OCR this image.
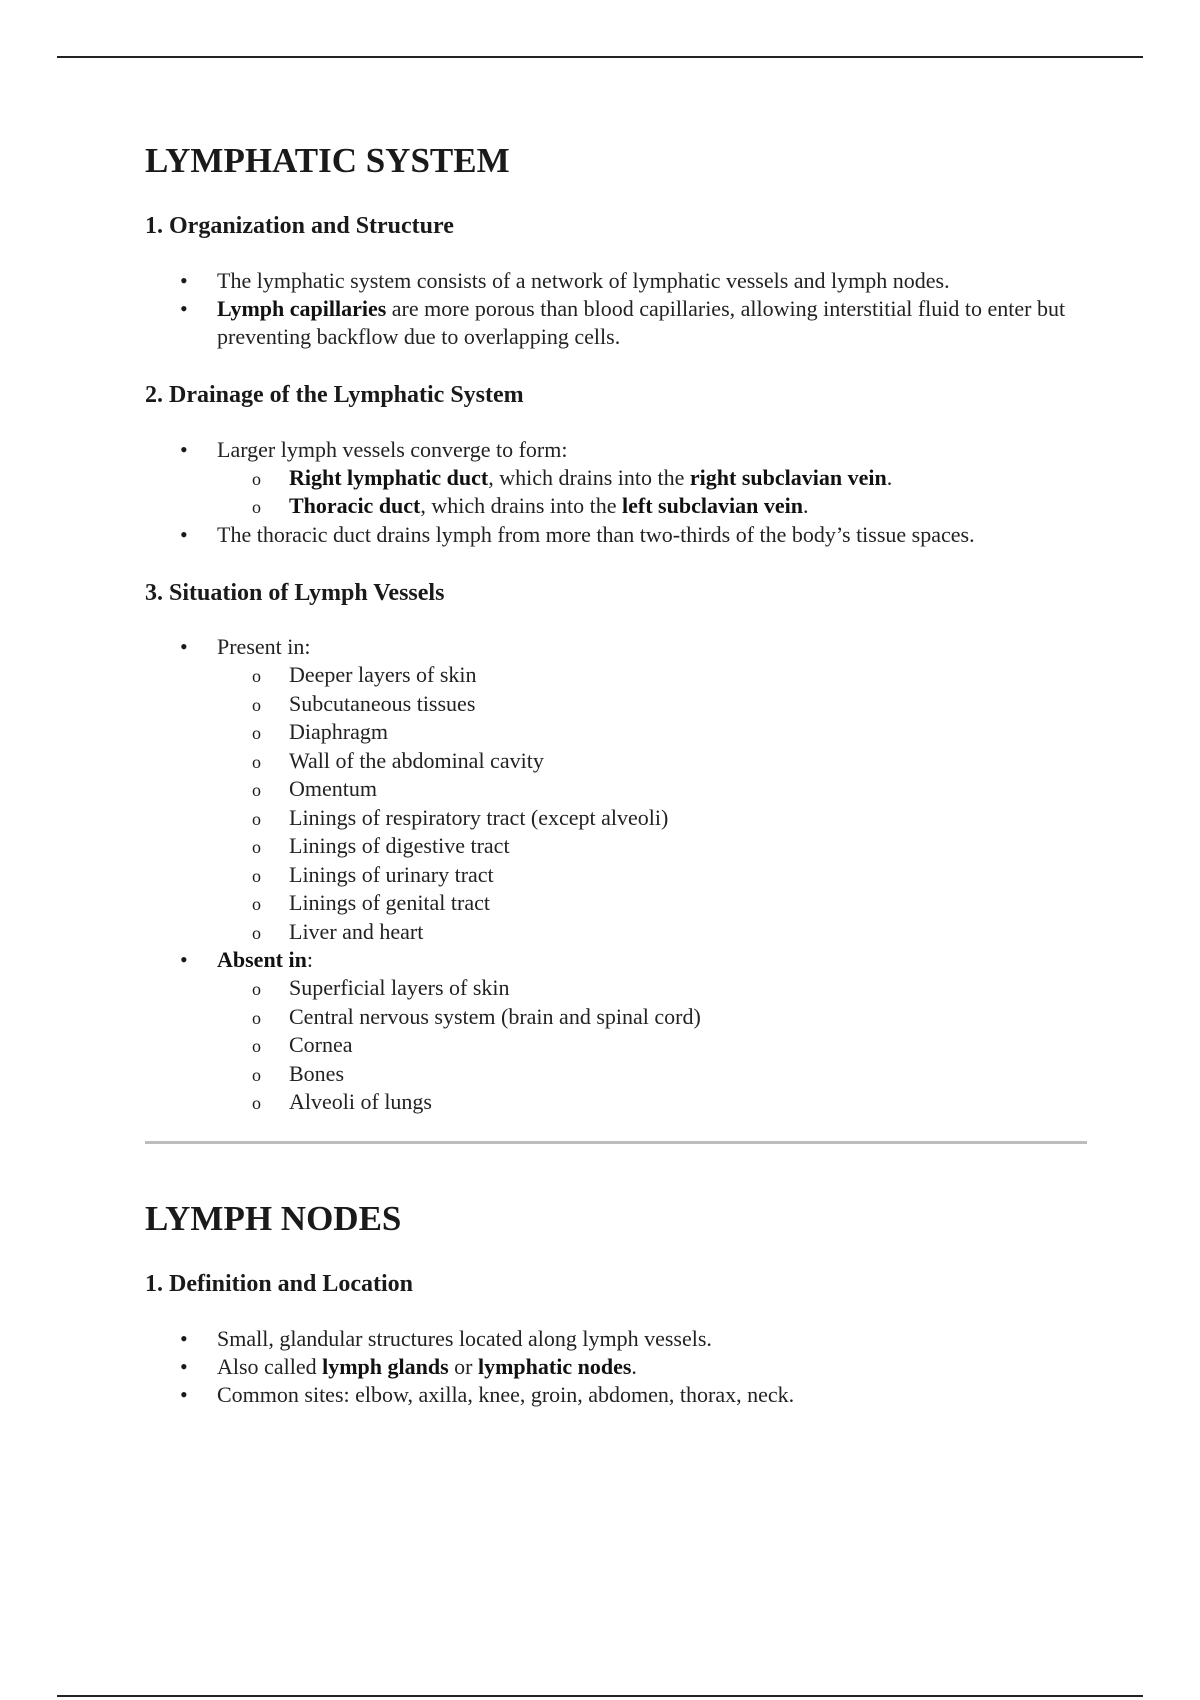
LYMPHATIC SYSTEM
1. Organization and Structure
• The lymphatic system consists of a network of lymphatic vessels and lymph nodes.
• Lymph capillaries are more porous than blood capillaries, allowing interstitial fluid to enter but preventing backflow due to overlapping cells.
2. Drainage of the Lymphatic System
• Larger lymph vessels converge to form:
o Right lymphatic duct, which drains into the right subclavian vein.
o Thoracic duct, which drains into the left subclavian vein.
• The thoracic duct drains lymph from more than two-thirds of the body’s tissue spaces.
3. Situation of Lymph Vessels
• Present in:
o Deeper layers of skin
o Subcutaneous tissues
o Diaphragm
o Wall of the abdominal cavity
o Omentum
o Linings of respiratory tract (except alveoli)
o Linings of digestive tract
o Linings of urinary tract
o Linings of genital tract
o Liver and heart
• Absent in:
o Superficial layers of skin
o Central nervous system (brain and spinal cord)
o Cornea
o Bones
o Alveoli of lungs
LYMPH NODES
1. Definition and Location
• Small, glandular structures located along lymph vessels.
• Also called lymph glands or lymphatic nodes.
• Common sites: elbow, axilla, knee, groin, abdomen, thorax, neck.
